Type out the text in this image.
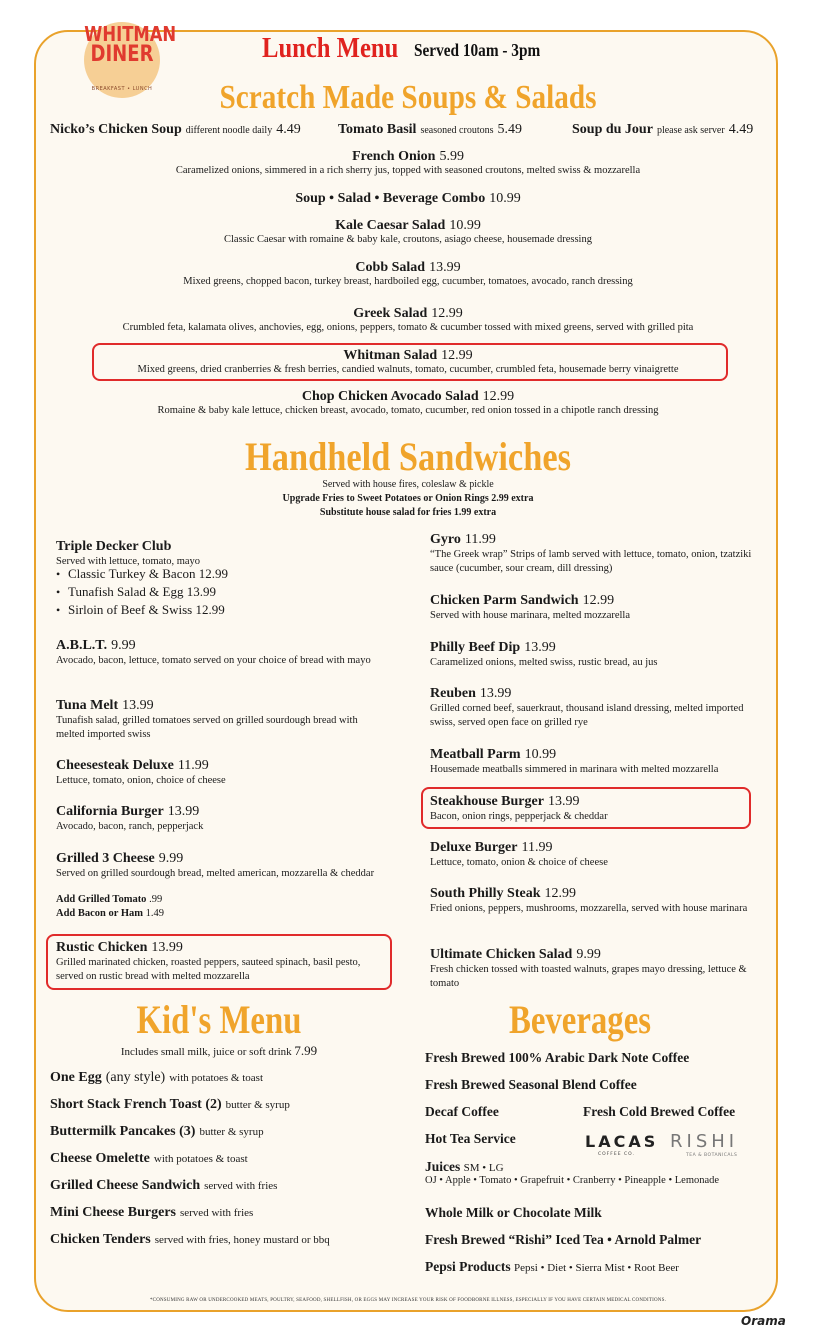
WHITMAN
DINER
BREAKFAST • LUNCH
Lunch Menu Served 10am - 3pm
Scratch Made Soups & Salads
Nicko’s Chicken Soup different noodle daily 4.49	Tomato Basil seasoned croutons 5.49	Soup du Jour please ask server 4.49
French Onion 5.99
Caramelized onions, simmered in a rich sherry jus, topped with seasoned croutons, melted swiss & mozzarella
Soup • Salad • Beverage Combo 10.99
Kale Caesar Salad 10.99
Classic Caesar with romaine & baby kale, croutons, asiago cheese, housemade dressing
Cobb Salad 13.99
Mixed greens, chopped bacon, turkey breast, hardboiled egg, cucumber, tomatoes, avocado, ranch dressing
Greek Salad 12.99
Crumbled feta, kalamata olives, anchovies, egg, onions, peppers, tomato & cucumber tossed with mixed greens, served with grilled pita
Whitman Salad 12.99
Mixed greens, dried cranberries & fresh berries, candied walnuts, tomato, cucumber, crumbled feta, housemade berry vinaigrette
Chop Chicken Avocado Salad 12.99
Romaine & baby kale lettuce, chicken breast, avocado, tomato, cucumber, red onion tossed in a chipotle ranch dressing
Handheld Sandwiches
Served with house fires, coleslaw & pickle
Upgrade Fries to Sweet Potatoes or Onion Rings 2.99 extra
Substitute house salad for fries 1.99 extra
Triple Decker Club
Served with lettuce, tomato, mayo
• Classic Turkey & Bacon 12.99
• Tunafish Salad & Egg 13.99
• Sirloin of Beef & Swiss 12.99
A.B.L.T. 9.99
Avocado, bacon, lettuce, tomato served on your choice of bread with mayo
Tuna Melt 13.99
Tunafish salad, grilled tomatoes served on grilled sourdough bread with melted imported swiss
Cheesesteak Deluxe 11.99
Lettuce, tomato, onion, choice of cheese
California Burger 13.99
Avocado, bacon, ranch, pepperjack
Grilled 3 Cheese 9.99
Served on grilled sourdough bread, melted american, mozzarella & cheddar
Add Grilled Tomato .99
Add Bacon or Ham 1.49
Rustic Chicken 13.99
Grilled marinated chicken, roasted peppers, sauteed spinach, basil pesto, served on rustic bread with melted mozzarella
Gyro 11.99
“The Greek wrap” Strips of lamb served with lettuce, tomato, onion, tzatziki sauce (cucumber, sour cream, dill dressing)
Chicken Parm Sandwich 12.99
Served with house marinara, melted mozzarella
Philly Beef Dip 13.99
Caramelized onions, melted swiss, rustic bread, au jus
Reuben 13.99
Grilled corned beef, sauerkraut, thousand island dressing, melted imported swiss, served open face on grilled rye
Meatball Parm 10.99
Housemade meatballs simmered in marinara with melted mozzarella
Steakhouse Burger 13.99
Bacon, onion rings, pepperjack & cheddar
Deluxe Burger 11.99
Lettuce, tomato, onion & choice of cheese
South Philly Steak 12.99
Fried onions, peppers, mushrooms, mozzarella, served with house marinara
Ultimate Chicken Salad 9.99
Fresh chicken tossed with toasted walnuts, grapes mayo dressing, lettuce & tomato
Kid's Menu
Includes small milk, juice or soft drink 7.99
One Egg (any style) with potatoes & toast
Short Stack French Toast (2) butter & syrup
Buttermilk Pancakes (3) butter & syrup
Cheese Omelette with potatoes & toast
Grilled Cheese Sandwich served with fries
Mini Cheese Burgers served with fries
Chicken Tenders served with fries, honey mustard or bbq
Beverages
Fresh Brewed 100% Arabic Dark Note Coffee
Fresh Brewed Seasonal Blend Coffee
Decaf Coffee	Fresh Cold Brewed Coffee
Hot Tea Service	LACAS
COFFEE CO.
RISHI
TEA & BOTANICALS
Juices SM • LG
OJ • Apple • Tomato • Grapefruit • Cranberry • Pineapple • Lemonade
Whole Milk or Chocolate Milk
Fresh Brewed “Rishi” Iced Tea • Arnold Palmer
Pepsi Products Pepsi • Diet • Sierra Mist • Root Beer
*CONSUMING RAW OR UNDERCOOKED MEATS, POULTRY, SEAFOOD, SHELLFISH, OR EGGS MAY INCREASE YOUR RISK OF FOODBORNE ILLNESS, ESPECIALLY IF YOU HAVE CERTAIN MEDICAL CONDITIONS.
Orama
